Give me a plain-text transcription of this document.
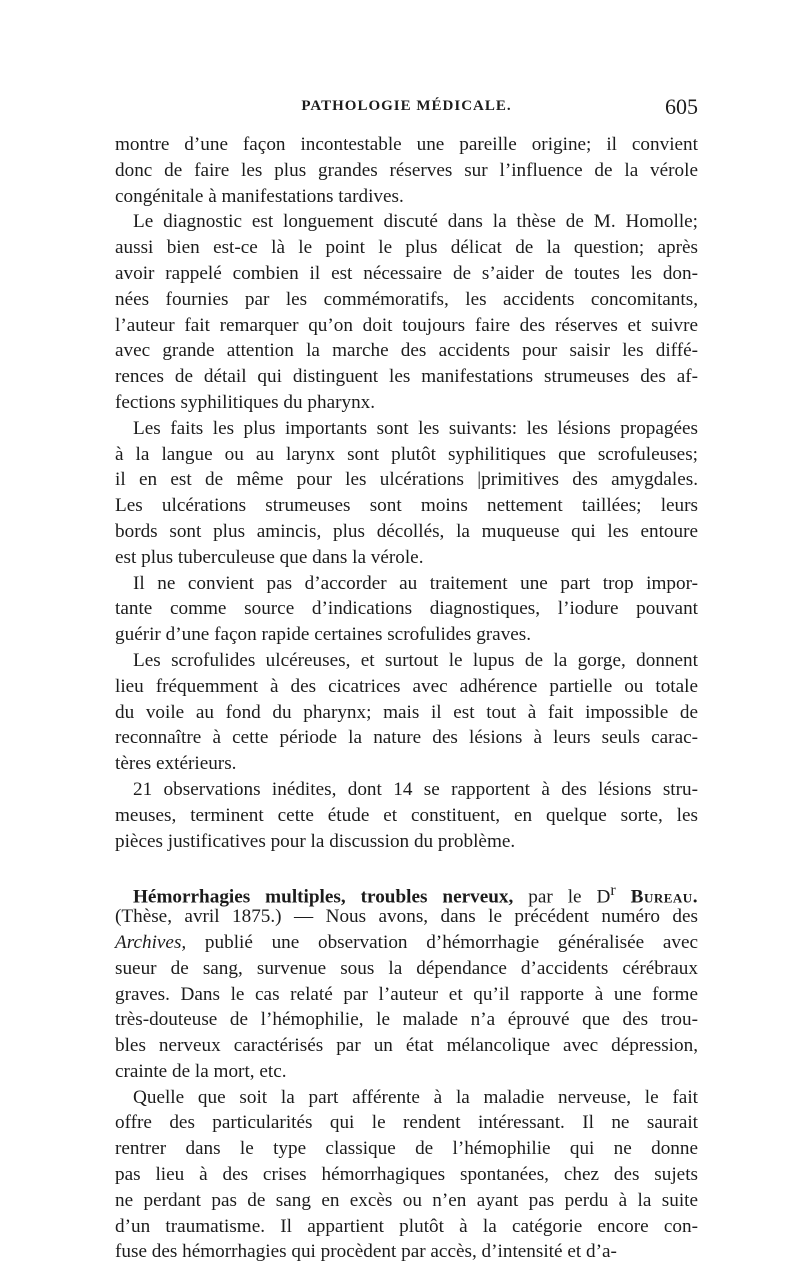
PATHOLOGIE MÉDICALE.	605
montre d’une façon incontestable une pareille origine; il convient
donc de faire les plus grandes réserves sur l’influence de la vérole
congénitale à manifestations tardives.
Le diagnostic est longuement discuté dans la thèse de M. Homolle;
aussi bien est-ce là le point le plus délicat de la question; après
avoir rappelé combien il est nécessaire de s’aider de toutes les don-
nées fournies par les commémoratifs, les accidents concomitants,
l’auteur fait remarquer qu’on doit toujours faire des réserves et suivre
avec grande attention la marche des accidents pour saisir les diffé-
rences de détail qui distinguent les manifestations strumeuses des af-
fections syphilitiques du pharynx.
Les faits les plus importants sont les suivants: les lésions propagées
à la langue ou au larynx sont plutôt syphilitiques que scrofuleuses;
il en est de même pour les ulcérations |primitives des amygdales.
Les ulcérations strumeuses sont moins nettement taillées; leurs
bords sont plus amincis, plus décollés, la muqueuse qui les entoure
est plus tuberculeuse que dans la vérole.
Il ne convient pas d’accorder au traitement une part trop impor-
tante comme source d’indications diagnostiques, l’iodure pouvant
guérir d’une façon rapide certaines scrofulides graves.
Les scrofulides ulcéreuses, et surtout le lupus de la gorge, donnent
lieu fréquemment à des cicatrices avec adhérence partielle ou totale
du voile au fond du pharynx; mais il est tout à fait impossible de
reconnaître à cette période la nature des lésions à leurs seuls carac-
tères extérieurs.
21 observations inédites, dont 14 se rapportent à des lésions stru-
meuses, terminent cette étude et constituent, en quelque sorte, les
pièces justificatives pour la discussion du problème.
Hémorrhagies multiples, troubles nerveux, par le $D^r$ Bureau.
(Thèse, avril 1875.) — Nous avons, dans le précédent numéro des
Archives, publié une observation d’hémorrhagie généralisée avec
sueur de sang, survenue sous la dépendance d’accidents cérébraux
graves. Dans le cas relaté par l’auteur et qu’il rapporte à une forme
très-douteuse de l’hémophilie, le malade n’a éprouvé que des trou-
bles nerveux caractérisés par un état mélancolique avec dépression,
crainte de la mort, etc.
Quelle que soit la part afférente à la maladie nerveuse, le fait
offre des particularités qui le rendent intéressant. Il ne saurait
rentrer dans le type classique de l’hémophilie qui ne donne
pas lieu à des crises hémorrhagiques spontanées, chez des sujets
ne perdant pas de sang en excès ou n’en ayant pas perdu à la suite
d’un traumatisme. Il appartient plutôt à la catégorie encore con-
fuse des hémorrhagies qui procèdent par accès, d’intensité et d’a-
